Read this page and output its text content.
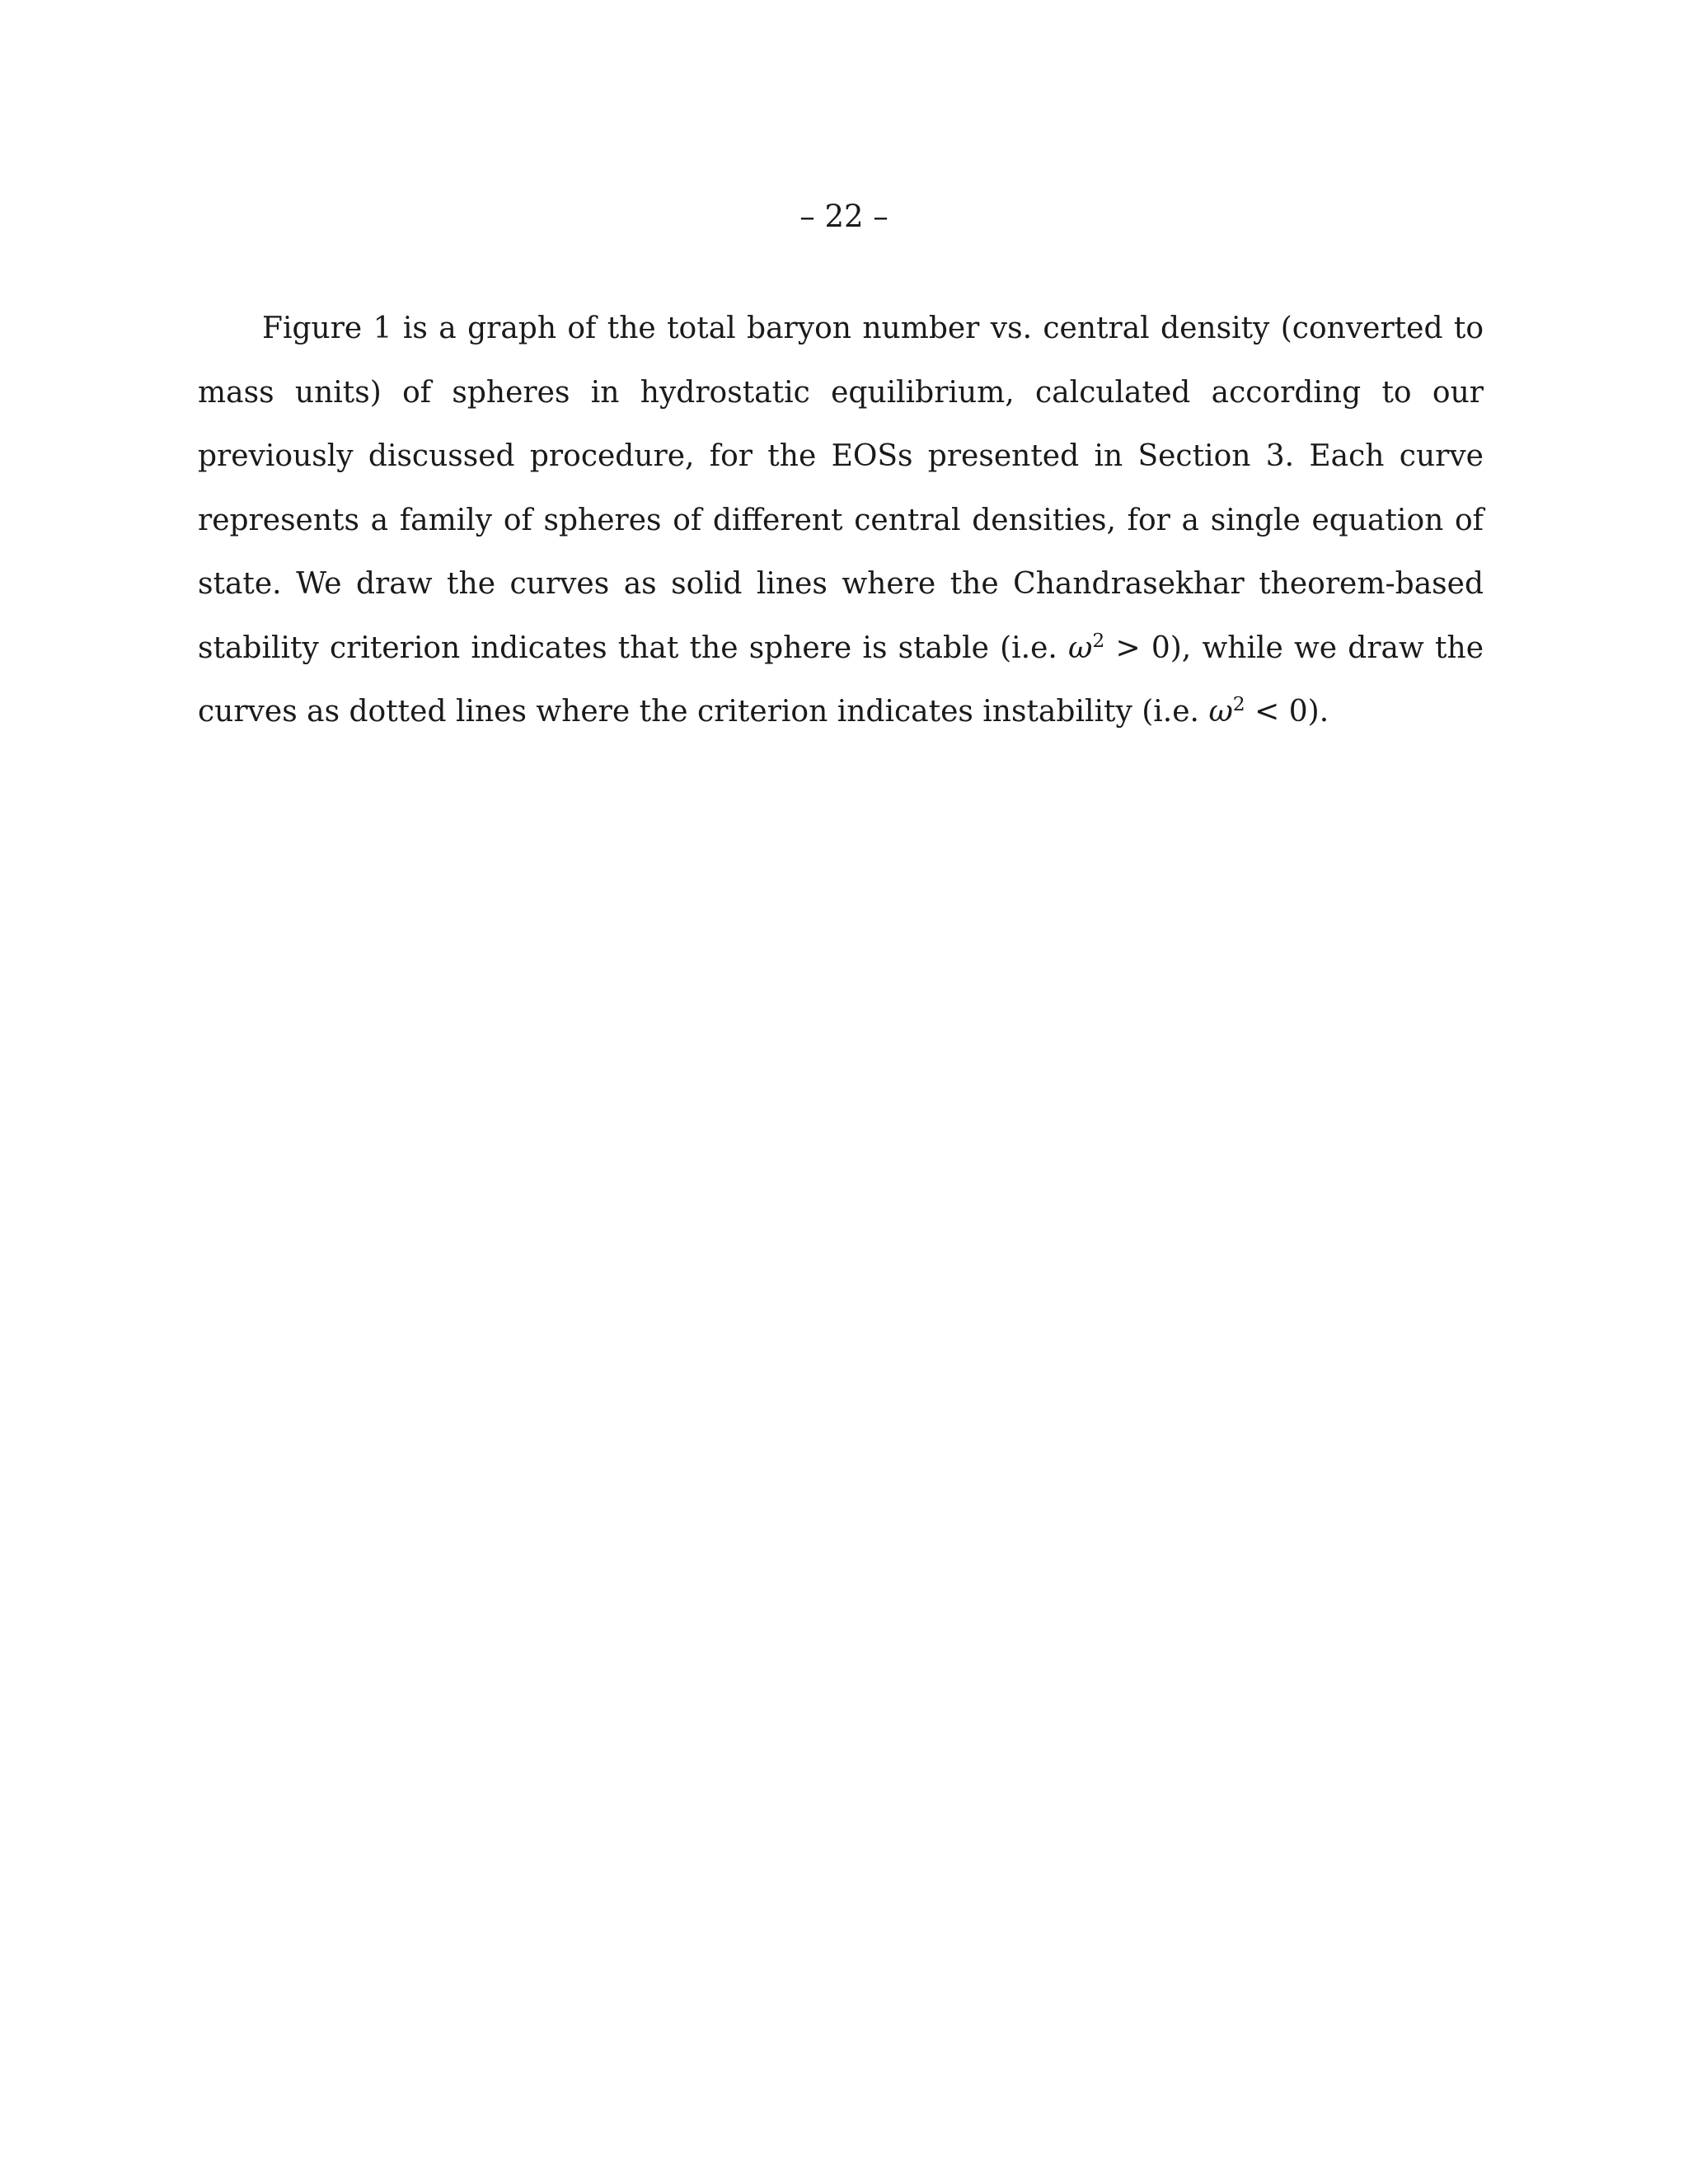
– 22 –

Figure 1 is a graph of the total baryon number vs. central density (converted to mass units) of spheres in hydrostatic equilibrium, calculated according to our previously discussed procedure, for the EOSs presented in Section 3. Each curve represents a family of spheres of different central densities, for a single equation of state. We draw the curves as solid lines where the Chandrasekhar theorem-based stability criterion indicates that the sphere is stable (i.e. $\omega^2 > 0$), while we draw the curves as dotted lines where the criterion indicates instability (i.e. $\omega^2 < 0$).
